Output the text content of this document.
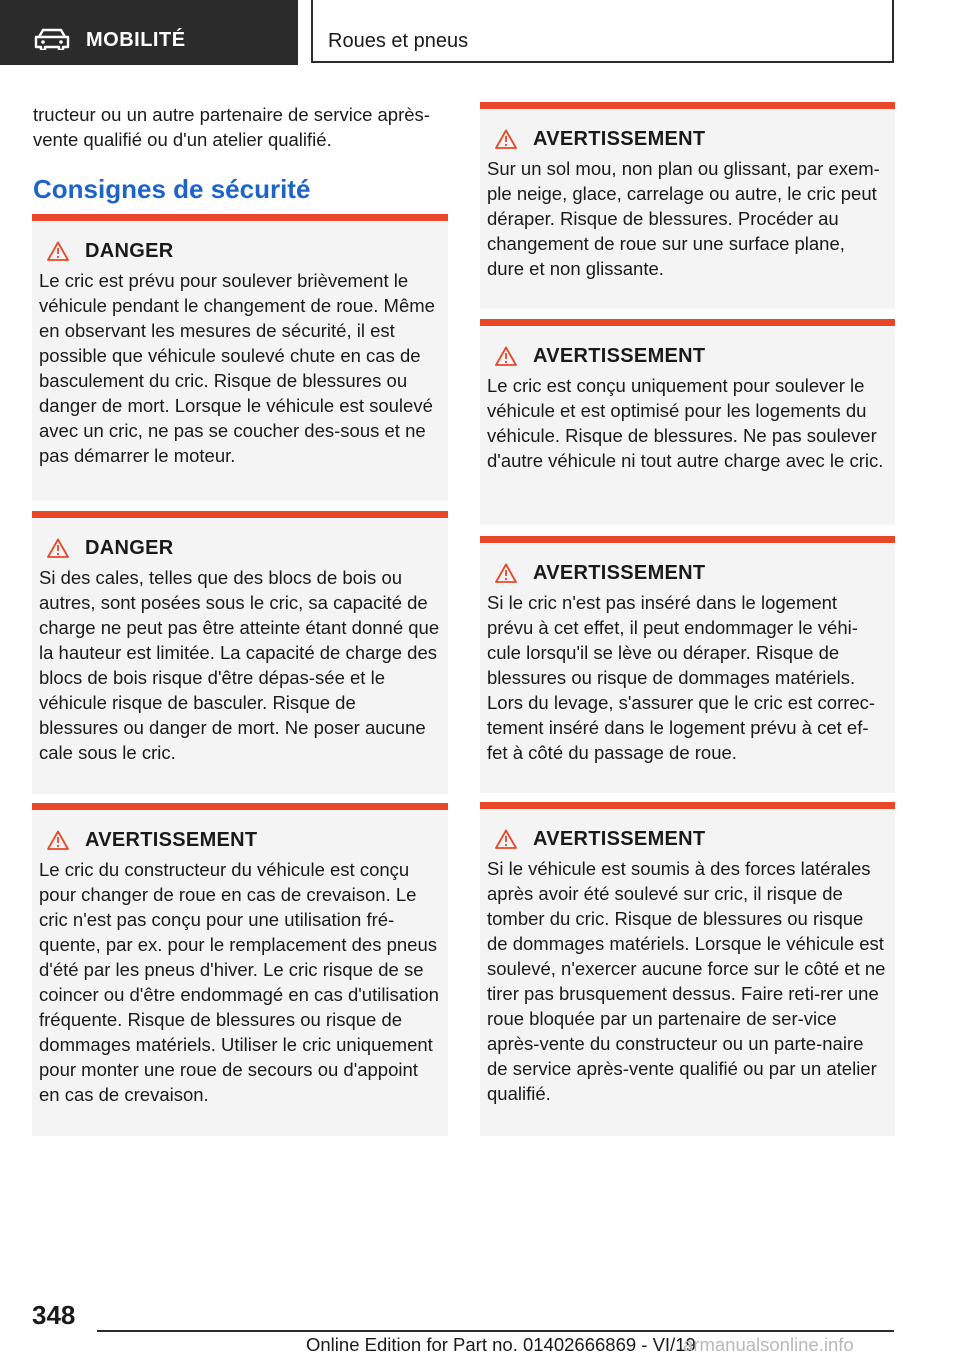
MOBILITÉ	Roues et pneus

tructeur ou un autre partenaire de service après-vente qualifié ou d'un atelier qualifié.

Consignes de sécurité
DANGER

Le cric est prévu pour soulever brièvement le véhicule pendant le changement de roue. Même en observant les mesures de sécurité, il est possible que véhicule soulevé chute en cas de basculement du cric. Risque de blessures ou danger de mort. Lorsque le véhicule est soulevé avec un cric, ne pas se coucher des-sous et ne pas démarrer le moteur.

DANGER

Si des cales, telles que des blocs de bois ou autres, sont posées sous le cric, sa capacité de charge ne peut pas être atteinte étant donné que la hauteur est limitée. La capacité de charge des blocs de bois risque d'être dépas-sée et le véhicule risque de basculer. Risque de blessures ou danger de mort. Ne poser aucune cale sous le cric.

AVERTISSEMENT

Le cric du constructeur du véhicule est conçu pour changer de roue en cas de crevaison. Le cric n'est pas conçu pour une utilisation fré-quente, par ex. pour le remplacement des pneus d'été par les pneus d'hiver. Le cric risque de se coincer ou d'être endommagé en cas d'utilisation fréquente. Risque de blessures ou risque de dommages matériels. Utiliser le cric uniquement pour monter une roue de secours ou d'appoint en cas de crevaison.

AVERTISSEMENT

Sur un sol mou, non plan ou glissant, par exem-ple neige, glace, carrelage ou autre, le cric peut déraper. Risque de blessures. Procéder au changement de roue sur une surface plane, dure et non glissante.

AVERTISSEMENT

Le cric est conçu uniquement pour soulever le véhicule et est optimisé pour les logements du véhicule. Risque de blessures. Ne pas soulever d'autre véhicule ni tout autre charge avec le cric.

AVERTISSEMENT

Si le cric n'est pas inséré dans le logement prévu à cet effet, il peut endommager le véhi-cule lorsqu'il se lève ou déraper. Risque de blessures ou risque de dommages matériels. Lors du levage, s'assurer que le cric est correc-tement inséré dans le logement prévu à cet ef-fet à côté du passage de roue.

AVERTISSEMENT

Si le véhicule est soumis à des forces latérales après avoir été soulevé sur cric, il risque de tomber du cric. Risque de blessures ou risque de dommages matériels. Lorsque le véhicule est soulevé, n'exercer aucune force sur le côté et ne tirer pas brusquement dessus. Faire reti-rer une roue bloquée par un partenaire de ser-vice après-vente du constructeur ou un parte-naire de service après-vente qualifié ou par un atelier qualifié.

348
Online Edition for Part no. 01402666869 - VI/19
armanualsonline.info
